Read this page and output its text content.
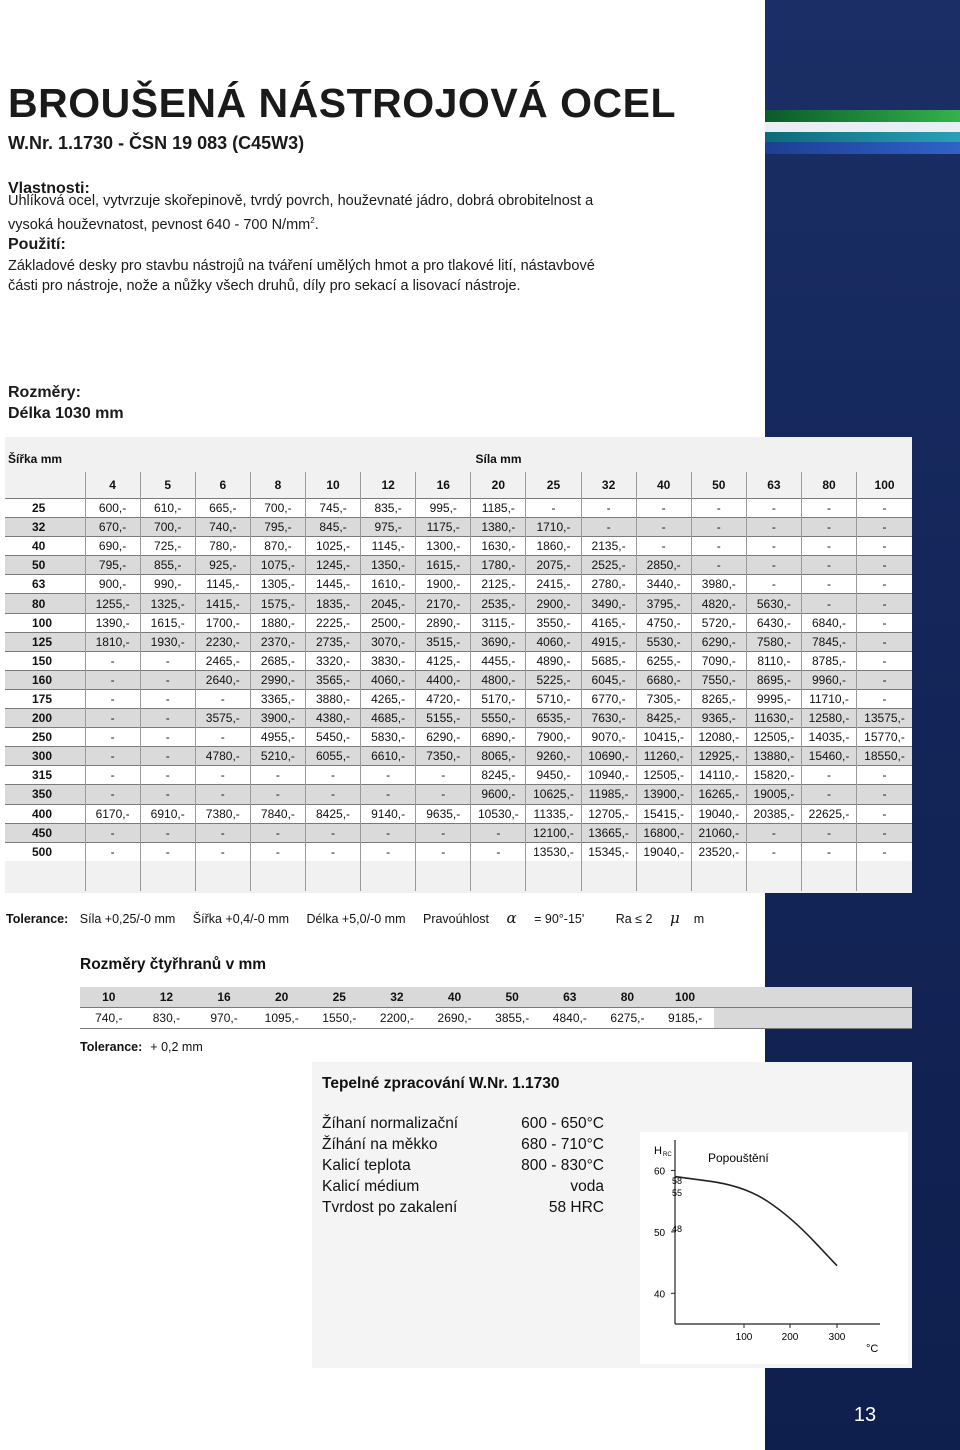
13
BROUŠENÁ NÁSTROJOVÁ OCEL
W.Nr. 1.1730 - ČSN 19 083 (C45W3)
Vlastnosti:
Uhlíková ocel, vytvrzuje skořepinově, tvrdý povrch, houževnaté jádro, dobrá obrobitelnost a
vysoká houževnatost, pevnost 640 - 700 $N/mm^2$.
Použití:
Základové desky pro stavbu nástrojů na tváření umělých hmot a pro tlakové lití, nástavbové
části pro nástroje, nože a nůžky všech druhů, díly pro sekací a lisovací nástroje.
Rozměry:
Délka 1030 mm
Šířka mm	Síla mm														
	4	5	6	8	10	12	16	20	25	32	40	50	63	80	100
25	600,-	610,-	665,-	700,-	745,-	835,-	995,-	1185,-	-	-	-	-	-	-	-
32	670,-	700,-	740,-	795,-	845,-	975,-	1175,-	1380,-	1710,-	-	-	-	-	-	-
40	690,-	725,-	780,-	870,-	1025,-	1145,-	1300,-	1630,-	1860,-	2135,-	-	-	-	-	-
50	795,-	855,-	925,-	1075,-	1245,-	1350,-	1615,-	1780,-	2075,-	2525,-	2850,-	-	-	-	-
63	900,-	990,-	1145,-	1305,-	1445,-	1610,-	1900,-	2125,-	2415,-	2780,-	3440,-	3980,-	-	-	-
80	1255,-	1325,-	1415,-	1575,-	1835,-	2045,-	2170,-	2535,-	2900,-	3490,-	3795,-	4820,-	5630,-	-	-
100	1390,-	1615,-	1700,-	1880,-	2225,-	2500,-	2890,-	3115,-	3550,-	4165,-	4750,-	5720,-	6430,-	6840,-	-
125	1810,-	1930,-	2230,-	2370,-	2735,-	3070,-	3515,-	3690,-	4060,-	4915,-	5530,-	6290,-	7580,-	7845,-	-
150	-	-	2465,-	2685,-	3320,-	3830,-	4125,-	4455,-	4890,-	5685,-	6255,-	7090,-	8110,-	8785,-	-
160	-	-	2640,-	2990,-	3565,-	4060,-	4400,-	4800,-	5225,-	6045,-	6680,-	7550,-	8695,-	9960,-	-
175	-	-	-	3365,-	3880,-	4265,-	4720,-	5170,-	5710,-	6770,-	7305,-	8265,-	9995,-	11710,-	-
200	-	-	3575,-	3900,-	4380,-	4685,-	5155,-	5550,-	6535,-	7630,-	8425,-	9365,-	11630,-	12580,-	13575,-
250	-	-	-	4955,-	5450,-	5830,-	6290,-	6890,-	7900,-	9070,-	10415,-	12080,-	12505,-	14035,-	15770,-
300	-	-	4780,-	5210,-	6055,-	6610,-	7350,-	8065,-	9260,-	10690,-	11260,-	12925,-	13880,-	15460,-	18550,-
315	-	-	-	-	-	-	-	8245,-	9450,-	10940,-	12505,-	14110,-	15820,-	-	-
350	-	-	-	-	-	-	-	9600,-	10625,-	11985,-	13900,-	16265,-	19005,-	-	-
400	6170,-	6910,-	7380,-	7840,-	8425,-	9140,-	9635,-	10530,-	11335,-	12705,-	15415,-	19040,-	20385,-	22625,-	-
450	-	-	-	-	-	-	-	-	12100,-	13665,-	16800,-	21060,-	-	-	-
500	-	-	-	-	-	-	-	-	13530,-	15345,-	19040,-	23520,-	-	-	-

Tolerance: Síla +0,25/-0 mm Šířka +0,4/-0 mm Délka +5,0/-0 mm Pravoúhlost α = 90°-15'	Ra ≤ 2 μ m
Rozměry čtyřhranů v mm
10	12	16	20	25	32	40	50	63	80	100	
740,-	830,-	970,-	1095,-	1550,-	2200,-	2690,-	3855,-	4840,-	6275,-	9185,-	
Tolerance: + 0,2 mm
Tepelné zpracování W.Nr. 1.1730
Žíhaní normalizační	600 - 650°C
Žíhání na měkko	680 - 710°C
Kalicí teplota	800 - 830°C
Kalicí médium	voda
Tvrdost po zakalení	58 HRC
H RC	Popouštění
60
50
40
100	200	300
°C
58
55
48
